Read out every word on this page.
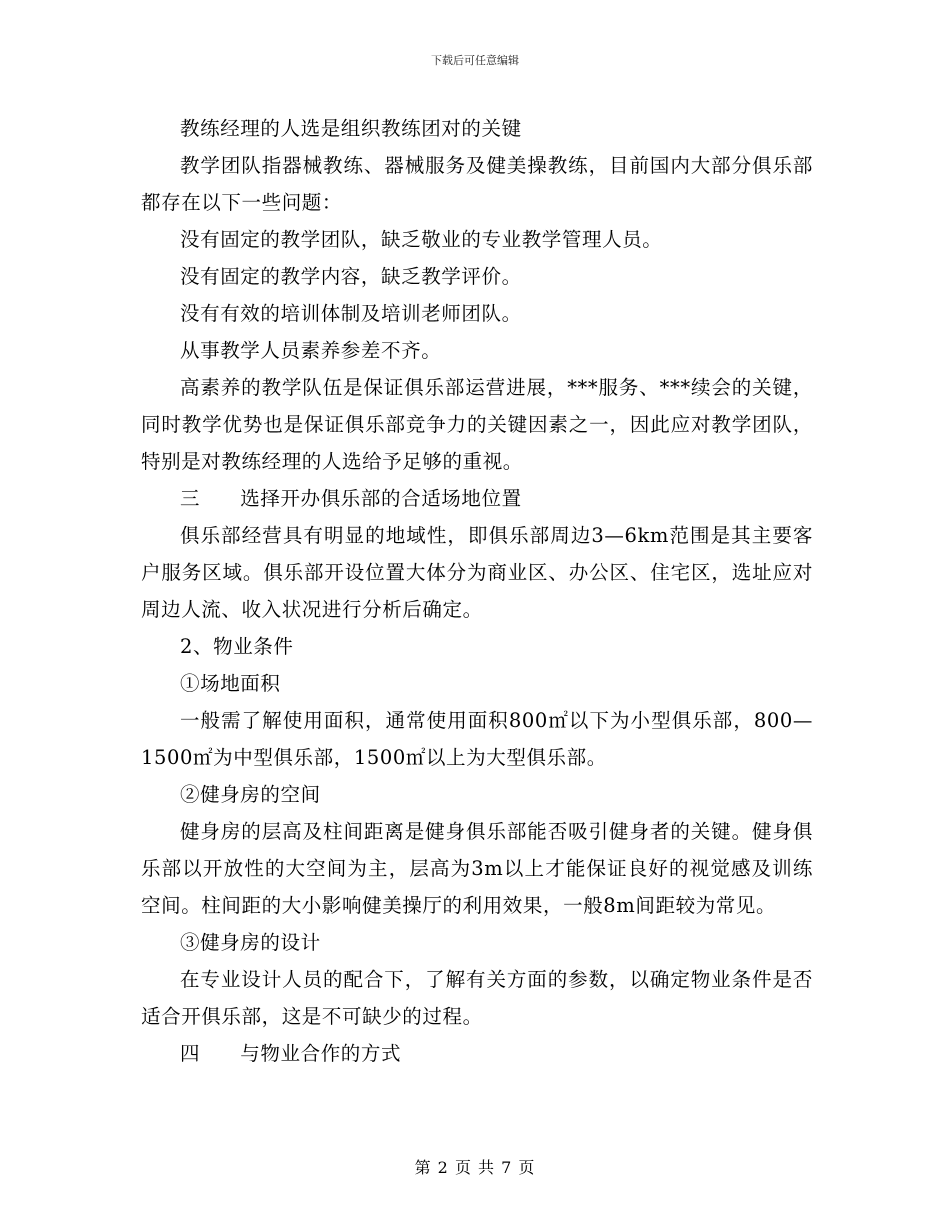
下载后可任意编辑

教练经理的人选是组织教练团对的关键

教学团队指器械教练、器械服务及健美操教练，目前国内大部分俱乐部都存在以下一些问题：

没有固定的教学团队，缺乏敬业的专业教学管理人员。

没有固定的教学内容，缺乏教学评价。

没有有效的培训体制及培训老师团队。

从事教学人员素养参差不齐。

高素养的教学队伍是保证俱乐部运营进展，***服务、***续会的关键，同时教学优势也是保证俱乐部竞争力的关键因素之一，因此应对教学团队，特别是对教练经理的人选给予足够的重视。

三　　选择开办俱乐部的合适场地位置

俱乐部经营具有明显的地域性，即俱乐部周边3—6km范围是其主要客户服务区域。俱乐部开设位置大体分为商业区、办公区、住宅区，选址应对周边人流、收入状况进行分析后确定。

2、物业条件

①场地面积

一般需了解使用面积，通常使用面积800㎡以下为小型俱乐部，800—1500㎡为中型俱乐部，1500㎡以上为大型俱乐部。

②健身房的空间

健身房的层高及柱间距离是健身俱乐部能否吸引健身者的关键。健身俱乐部以开放性的大空间为主，层高为3m以上才能保证良好的视觉感及训练空间。柱间距的大小影响健美操厅的利用效果，一般8m间距较为常见。

③健身房的设计

在专业设计人员的配合下，了解有关方面的参数，以确定物业条件是否适合开俱乐部，这是不可缺少的过程。

四　　与物业合作的方式

第 2 页 共 7 页
